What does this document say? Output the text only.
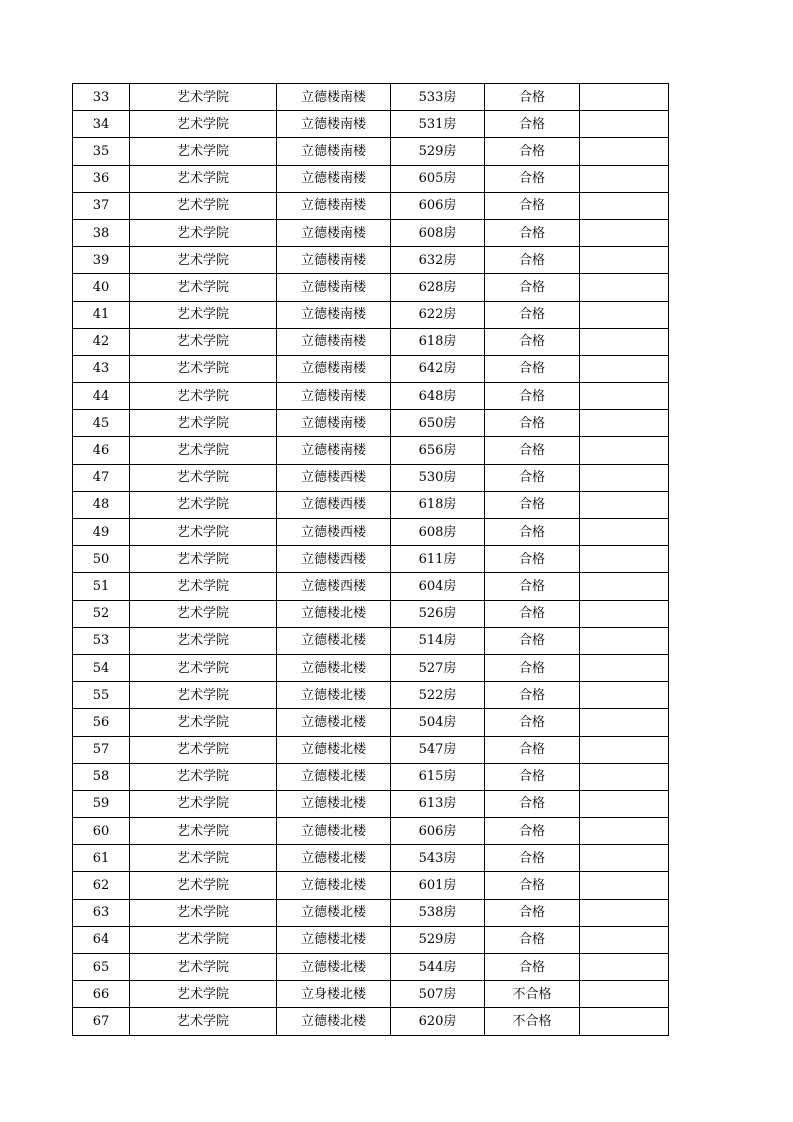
33	艺术学院	立德楼南楼	533房	合格	
34	艺术学院	立德楼南楼	531房	合格	
35	艺术学院	立德楼南楼	529房	合格	
36	艺术学院	立德楼南楼	605房	合格	
37	艺术学院	立德楼南楼	606房	合格	
38	艺术学院	立德楼南楼	608房	合格	
39	艺术学院	立德楼南楼	632房	合格	
40	艺术学院	立德楼南楼	628房	合格	
41	艺术学院	立德楼南楼	622房	合格	
42	艺术学院	立德楼南楼	618房	合格	
43	艺术学院	立德楼南楼	642房	合格	
44	艺术学院	立德楼南楼	648房	合格	
45	艺术学院	立德楼南楼	650房	合格	
46	艺术学院	立德楼南楼	656房	合格	
47	艺术学院	立德楼西楼	530房	合格	
48	艺术学院	立德楼西楼	618房	合格	
49	艺术学院	立德楼西楼	608房	合格	
50	艺术学院	立德楼西楼	611房	合格	
51	艺术学院	立德楼西楼	604房	合格	
52	艺术学院	立德楼北楼	526房	合格	
53	艺术学院	立德楼北楼	514房	合格	
54	艺术学院	立德楼北楼	527房	合格	
55	艺术学院	立德楼北楼	522房	合格	
56	艺术学院	立德楼北楼	504房	合格	
57	艺术学院	立德楼北楼	547房	合格	
58	艺术学院	立德楼北楼	615房	合格	
59	艺术学院	立德楼北楼	613房	合格	
60	艺术学院	立德楼北楼	606房	合格	
61	艺术学院	立德楼北楼	543房	合格	
62	艺术学院	立德楼北楼	601房	合格	
63	艺术学院	立德楼北楼	538房	合格	
64	艺术学院	立德楼北楼	529房	合格	
65	艺术学院	立德楼北楼	544房	合格	
66	艺术学院	立身楼北楼	507房	不合格	
67	艺术学院	立德楼北楼	620房	不合格	
